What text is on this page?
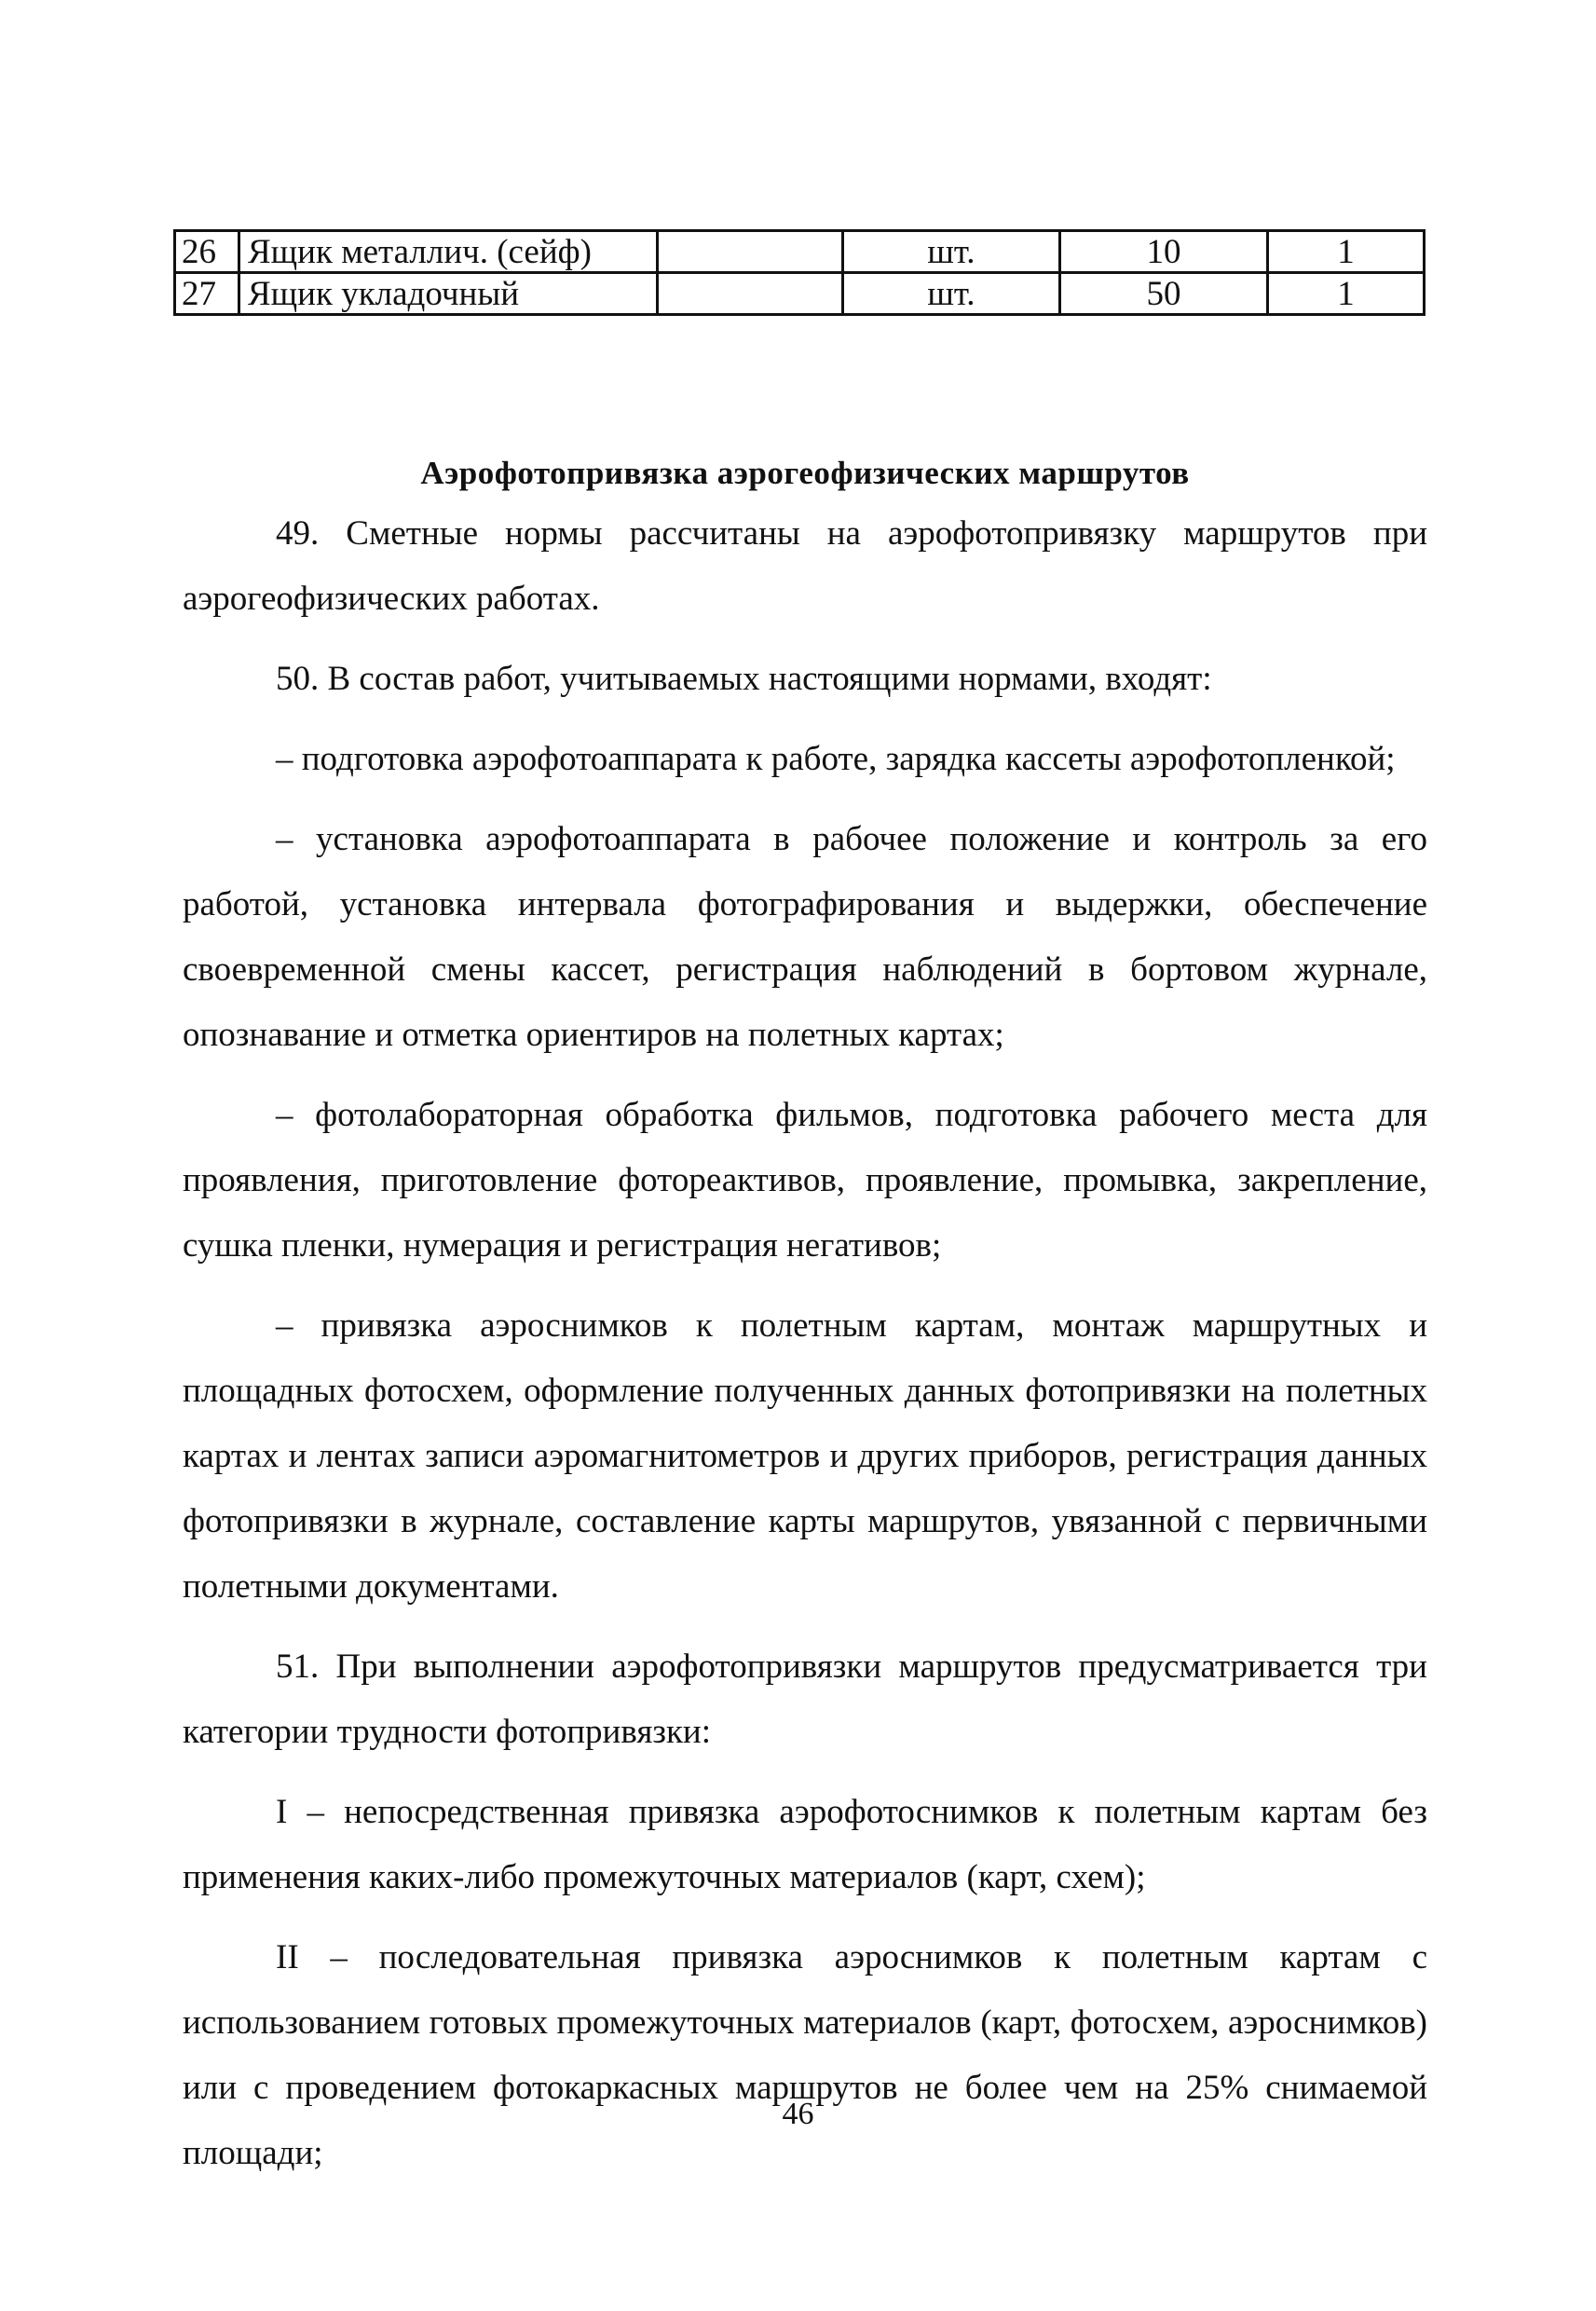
26	Ящик металлич. (сейф)		шт.	10	1
27	Ящик укладочный		шт.	50	1
Аэрофотопривязка аэрогеофизических маршрутов

49. Сметные нормы рассчитаны на аэрофотопривязку маршрутов при аэрогеофизических работах.

50. В состав работ, учитываемых настоящими нормами, входят:

– подготовка аэрофотоаппарата к работе, зарядка кассеты аэрофотопленкой;

– установка аэрофотоаппарата в рабочее положение и контроль за его работой, установка интервала фотографирования и выдержки, обеспечение своевременной смены кассет, регистрация наблюдений в бортовом журнале, опознавание и отметка ориентиров на полетных картах;

– фотолабораторная обработка фильмов, подготовка рабочего места для проявления, приготовление фотореактивов, проявление, промывка, закрепление, сушка пленки, нумерация и регистрация негативов;

– привязка аэроснимков к полетным картам, монтаж маршрутных и площадных фотосхем, оформление полученных данных фотопривязки на полетных картах и лентах записи аэромагнитометров и других приборов, регистрация данных фотопривязки в журнале, составление карты маршрутов, увязанной с первичными полетными документами.

51. При выполнении аэрофотопривязки маршрутов предусматривается три категории трудности фотопривязки:

I – непосредственная привязка аэрофотоснимков к полетным картам без применения каких-либо промежуточных материалов (карт, схем);

II – последовательная привязка аэроснимков к полетным картам с использованием готовых промежуточных материалов (карт, фотосхем, аэроснимков) или с проведением фотокаркасных маршрутов не более чем на 25% снимаемой площади;

46
